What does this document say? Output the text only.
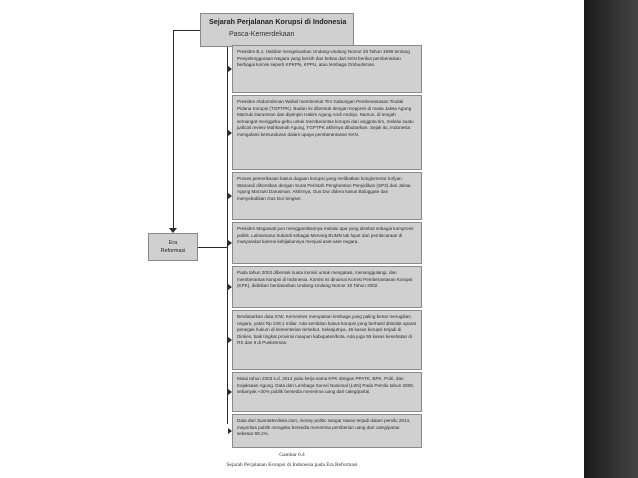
Sejarah Perjalanan Korupsi di Indonesia
Pasca-Kemerdekaan
Era
Reformasi
Presiden B.J. Habibie mengeluarkan Undang-Undang Nomor 28 Tahun 1999 tentang Penyelenggaraan Negara yang bersih dan bebas dari KKN berikut pembentukan berbagai komisi seperti KPKPN, KPPU, atau lembaga Ombudsman.
Presiden Abdurrahman Wahid membentuk Tim Gabungan Pemberantasan Tindak Pidana Korupsi (TGPTPK). Badan ini dibentuk dengan Keppres di masa Jaksa Agung Marzuki Darusman dan dipimpin Hakim Agung Andi Andojo. Namun, di tengah semangat menggebu-gebu untuk memberantas korupsi dari anggota tim, melalui suatu judicial review Mahkamah Agung, TGPTPK akhirnya dibubarkan. Sejak itu, Indonesia mengalami kemunduran dalam upaya pemberantasan KKN.
Proses pemeriksaan kasus dugaan korupsi yang melibatkan konglomerat Sofyan Wanandi dihentikan dengan Surat Perintah Penghentian Penyidikan (SP3) dari Jaksa Agung Marzuki Darusman. Akhirnya, Gus Dur didera kasus Buloggate dan menyebabkan Gus Dur lengser.
Presiden Megawati pun menggantikannya melalui apa yang disebut sebagai kompromi politik. Laksamana Sukardi sebagai Menneg BUMN tak luput dari pembicaraan di masyarakat karena kebijakannya menjual aset-aset negara.
Pada tahun 2003 dibentuk suatu komisi untuk mengatasi, menanggulangi, dan memberantas korupsi di Indonesia. Komisi ini dinamai Komisi Pemberantasan Korupsi (KPK), didirikan berdasarkan Undang-Undang Nomor 30 Tahun 2002.
Berdasarkan data ICW, Kemenkes merupakan lembaga yang paling besar merugikan negara, yakni Rp 249,1 miliar. Ada sembilan kasus korupsi yang berhasil ditindak aparat penegak hukum di kementerian tersebut. Selanjutnya, 46 kasus korupsi terjadi di Dinkes, baik tingkat provinsi maupun kabupaten/kota. Ada juga 55 kasus kesehatan di RS dan 9 di Puskesmas.
Mulai tahun 2003 s.d. 2014 yaitu kerja sama KPK dengan PPATK, BPK, Polri, dan Kejaksaan Agung. Data dari Lembaga Survei Nasional (LSN) Pada Pemilu tahun 2009, sebanyak <40% publik bersedia menerima uang dari caleg/partai.
Data dari SuaraMerdeka.com, money politic sangat rawan terjadi dalam pemilu 2014, mayoritas publik mengaku bersedia menerima pemberian uang dari caleg/partai sebesar 69,1%.
Gambar 6.4
Sejarah Perjalanan Korupsi di Indonesia pada Era Reformasi
